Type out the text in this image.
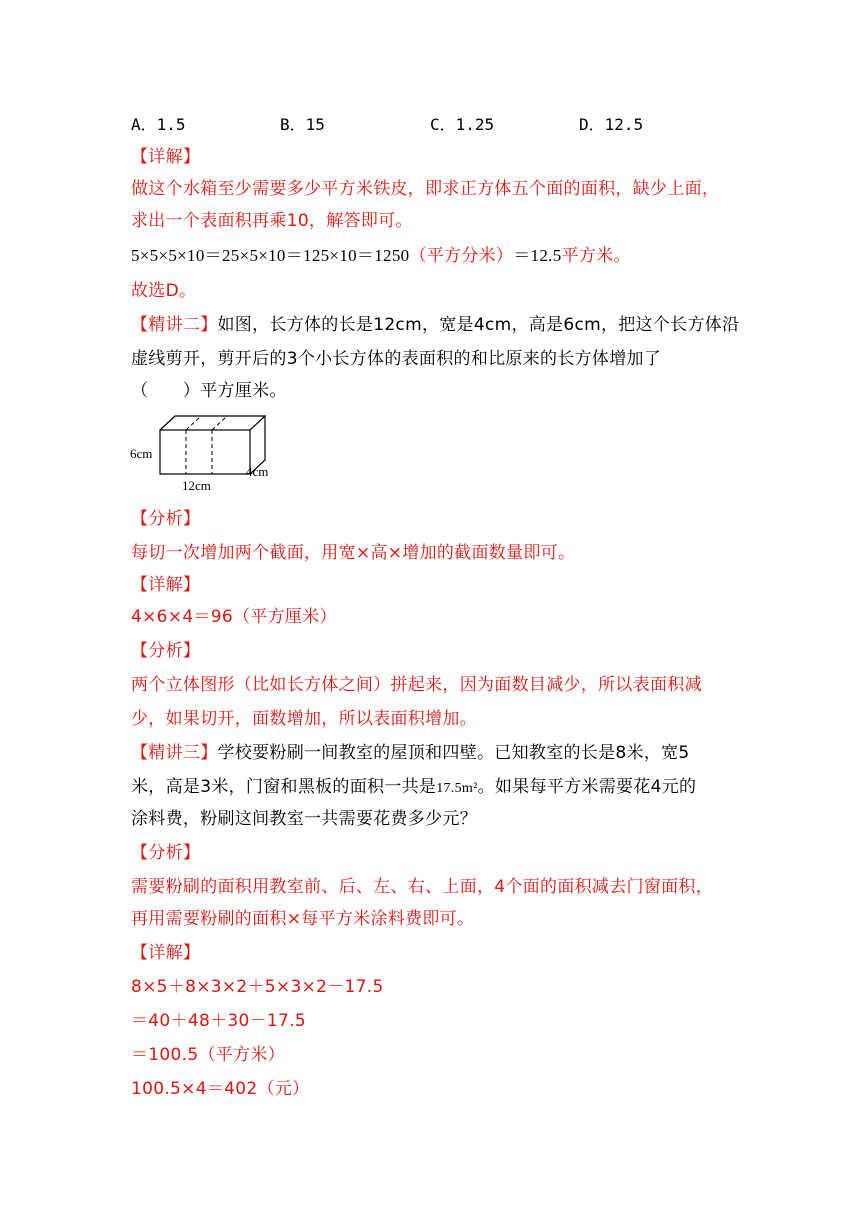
A．1.5	B．15	C．1.25	D．12.5
【详解】
做这个水箱至少需要多少平方米铁皮，即求正方体五个面的面积，缺少上面，
求出一个表面积再乘10，解答即可。
5×5×5×10＝25×5×10＝125×10＝1250（平方分米）＝12.5平方米。
故选D。
【精讲二】如图，长方体的长是12cm，宽是4cm，高是6cm，把这个长方体沿
虚线剪开，剪开后的3个小长方体的表面积的和比原来的长方体增加了
（　　）平方厘米。
6cm
12cm
4cm
【分析】
每切一次增加两个截面，用宽×高×增加的截面数量即可。
【详解】
4×6×4＝96（平方厘米）
【分析】
两个立体图形（比如长方体之间）拼起来，因为面数目减少，所以表面积减
少，如果切开，面数增加，所以表面积增加。
【精讲三】学校要粉刷一间教室的屋顶和四壁。已知教室的长是8米，宽5
米，高是3米，门窗和黑板的面积一共是17.5m²。如果每平方米需要花4元的
涂料费，粉刷这间教室一共需要花费多少元？
【分析】
需要粉刷的面积用教室前、后、左、右、上面，4个面的面积减去门窗面积，
再用需要粉刷的面积×每平方米涂料费即可。
【详解】
8×5＋8×3×2＋5×3×2－17.5
＝40＋48＋30－17.5
＝100.5（平方米）
100.5×4＝402（元）
